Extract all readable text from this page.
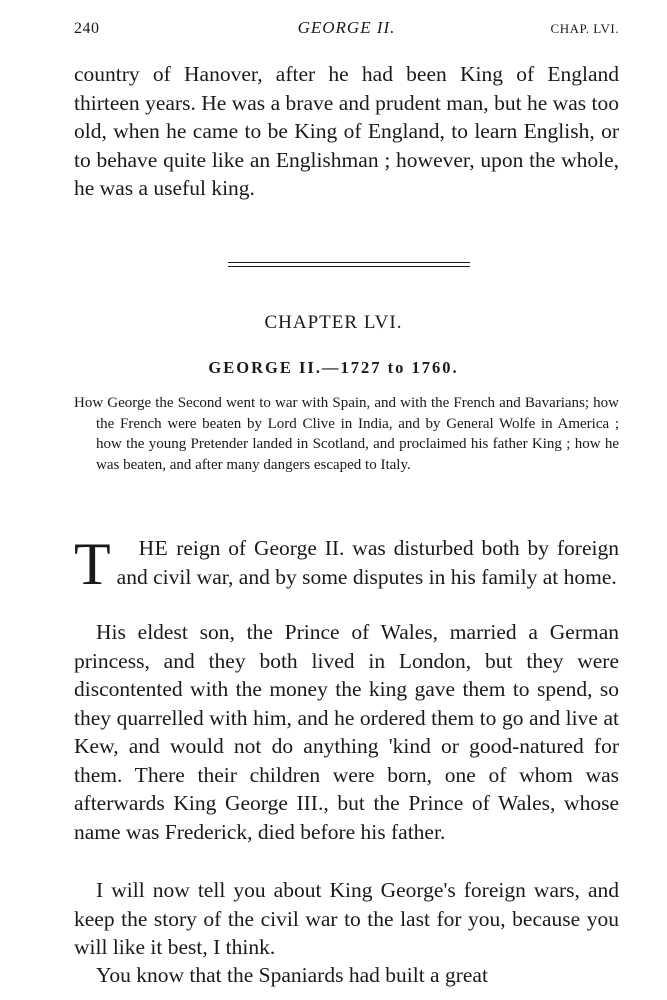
240	GEORGE II.	CHAP. LVI.

country of Hanover, after he had been King of England thirteen years. He was a brave and prudent man, but he was too old, when he came to be King of England, to learn English, or to behave quite like an Englishman ; however, upon the whole, he was a useful king.

CHAPTER LVI.
GEORGE II.—1727 to 1760.

How George the Second went to war with Spain, and with the French and Bavarians; how the French were beaten by Lord Clive in India, and by General Wolfe in America ; how the young Pretender landed in Scotland, and proclaimed his father King ; how he was beaten, and after many dangers escaped to Italy.

T HE reign of George II. was disturbed both by foreign and civil war, and by some disputes in his family at home.

His eldest son, the Prince of Wales, married a German princess, and they both lived in London, but they were discontented with the money the king gave them to spend, so they quarrelled with him, and he ordered them to go and live at Kew, and would not do anything 'kind or good-natured for them. There their children were born, one of whom was afterwards King George III., but the Prince of Wales, whose name was Frederick, died before his father.

I will now tell you about King George's foreign wars, and keep the story of the civil war to the last for you, because you will like it best, I think.

You know that the Spaniards had built a great
